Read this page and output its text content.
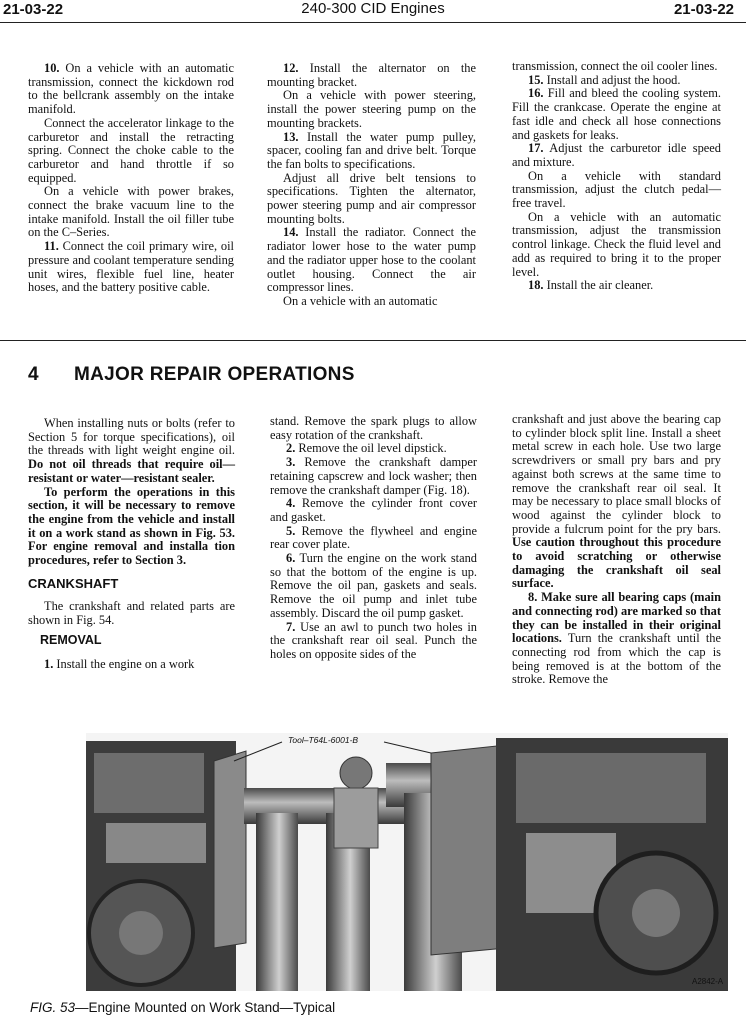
21-03-22	240-300 CID Engines	21-03-22

10. On a vehicle with an automatic transmission, connect the kickdown rod to the bellcrank assembly on the intake manifold.

Connect the accelerator linkage to the carburetor and install the retracting spring. Connect the choke cable to the carburetor and hand throttle if so equipped.

On a vehicle with power brakes, connect the brake vacuum line to the intake manifold. Install the oil filler tube on the C–Series.

11. Connect the coil primary wire, oil pressure and coolant temperature sending unit wires, flexible fuel line, heater hoses, and the battery positive cable.

12. Install the alternator on the mounting bracket.

On a vehicle with power steering, install the power steering pump on the mounting brackets.

13. Install the water pump pulley, spacer, cooling fan and drive belt. Torque the fan bolts to specifications.

Adjust all drive belt tensions to specifications. Tighten the alternator, power steering pump and air compressor mounting bolts.

14. Install the radiator. Connect the radiator lower hose to the water pump and the radiator upper hose to the coolant outlet housing. Connect the air compressor lines.

On a vehicle with an automatic

transmission, connect the oil cooler lines.

15. Install and adjust the hood.

16. Fill and bleed the cooling system. Fill the crankcase. Operate the engine at fast idle and check all hose connections and gaskets for leaks.

17. Adjust the carburetor idle speed and mixture.

On a vehicle with standard transmission, adjust the clutch pedal—free travel.

On a vehicle with an automatic transmission, adjust the transmission control linkage. Check the fluid level and add as required to bring it to the proper level.

18. Install the air cleaner.

4 MAJOR REPAIR OPERATIONS

When installing nuts or bolts (refer to Section 5 for torque specifications), oil the threads with light weight engine oil. Do not oil threads that require oil—resistant or water—resistant sealer.

To perform the operations in this section, it will be necessary to remove the engine from the vehicle and install it on a work stand as shown in Fig. 53. For engine removal and installa tion procedures, refer to Section 3.

CRANKSHAFT

The crankshaft and related parts are shown in Fig. 54.

REMOVAL

1. Install the engine on a work

stand. Remove the spark plugs to allow easy rotation of the crankshaft.

2. Remove the oil level dipstick.

3. Remove the crankshaft damper retaining capscrew and lock washer; then remove the crankshaft damper (Fig. 18).

4. Remove the cylinder front cover and gasket.

5. Remove the flywheel and engine rear cover plate.

6. Turn the engine on the work stand so that the bottom of the engine is up. Remove the oil pan, gaskets and seals. Remove the oil pump and inlet tube assembly. Discard the oil pump gasket.

7. Use an awl to punch two holes in the crankshaft rear oil seal. Punch the holes on opposite sides of the

crankshaft and just above the bearing cap to cylinder block split line. Install a sheet metal screw in each hole. Use two large screwdrivers or small pry bars and pry against both screws at the same time to remove the crankshaft rear oil seal. It may be necessary to place small blocks of wood against the cylinder block to provide a fulcrum point for the pry bars. Use caution throughout this procedure to avoid scratching or otherwise damaging the crankshaft oil seal surface.

8. Make sure all bearing caps (main and connecting rod) are marked so that they can be installed in their original locations. Turn the crankshaft until the connecting rod from which the cap is being removed is at the bottom of the stroke. Remove the

Tool–T64L-6001-B
A2842-A
FIG. 53—Engine Mounted on Work Stand—Typical
